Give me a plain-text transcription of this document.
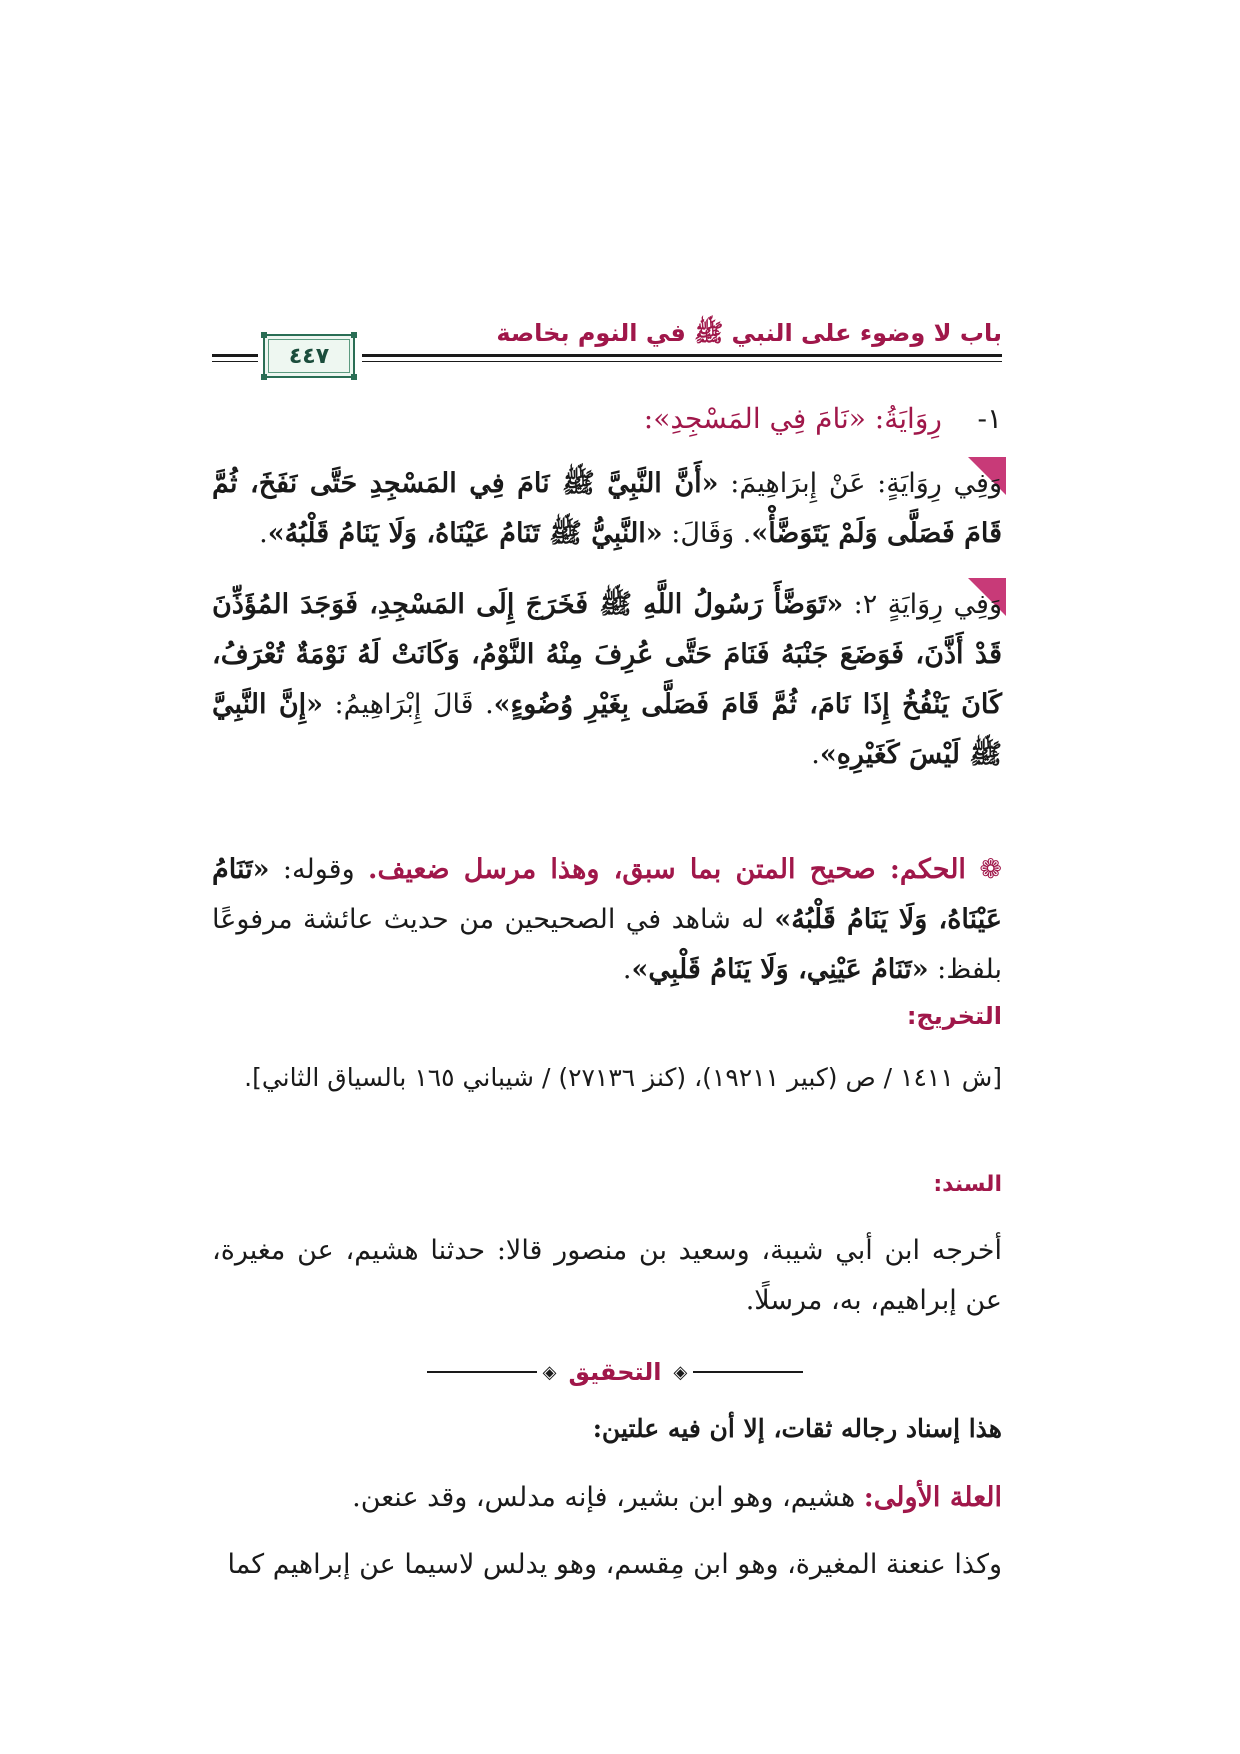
باب لا وضوء على النبي ﷺ في النوم بخاصة
٤٤٧
١-    رِوَايَةُ: «نَامَ فِي المَسْجِدِ»:
وَفِي رِوَايَةٍ: عَنْ إِبرَاهِيمَ: «أَنَّ النَّبِيَّ ﷺ نَامَ فِي المَسْجِدِ حَتَّى نَفَخَ، ثُمَّ قَامَ فَصَلَّى وَلَمْ يَتَوَضَّأْ». وَقَالَ: «النَّبِيُّ ﷺ تَنَامُ عَيْنَاهُ، وَلَا يَنَامُ قَلْبُهُ».
وَفِي رِوَايَةٍ ٢: «تَوَضَّأَ رَسُولُ اللَّهِ ﷺ فَخَرَجَ إِلَى المَسْجِدِ، فَوَجَدَ المُؤَذِّنَ قَدْ أَذَّنَ، فَوَضَعَ جَنْبَهُ فَنَامَ حَتَّى عُرِفَ مِنْهُ النَّوْمُ، وَكَانَتْ لَهُ نَوْمَةٌ تُعْرَفُ، كَانَ يَنْفُخُ إِذَا نَامَ، ثُمَّ قَامَ فَصَلَّى بِغَيْرِ وُضُوءٍ». قَالَ إِبْرَاهِيمُ: «إِنَّ النَّبِيَّ ﷺ لَيْسَ كَغَيْرِهِ».
❁ الحكم: صحيح المتن بما سبق، وهذا مرسل ضعيف. وقوله: «تَنَامُ عَيْنَاهُ، وَلَا يَنَامُ قَلْبُهُ» له شاهد في الصحيحين من حديث عائشة مرفوعًا بلفظ: «تَنَامُ عَيْنِي، وَلَا يَنَامُ قَلْبِي».
التخريج:
[ش ١٤١١ / ص (كبير ١٩٢١١)، (كنز ٢٧١٣٦) / شيباني ١٦٥ بالسياق الثاني].
السند:
أخرجه ابن أبي شيبة، وسعيد بن منصور قالا: حدثنا هشيم، عن مغيرة، عن إبراهيم، به، مرسلًا.
◈
التحقيق
◈
هذا إسناد رجاله ثقات، إلا أن فيه علتين:
العلة الأولى: هشيم، وهو ابن بشير، فإنه مدلس، وقد عنعن.
وكذا عنعنة المغيرة، وهو ابن مِقسم، وهو يدلس لاسيما عن إبراهيم كما
